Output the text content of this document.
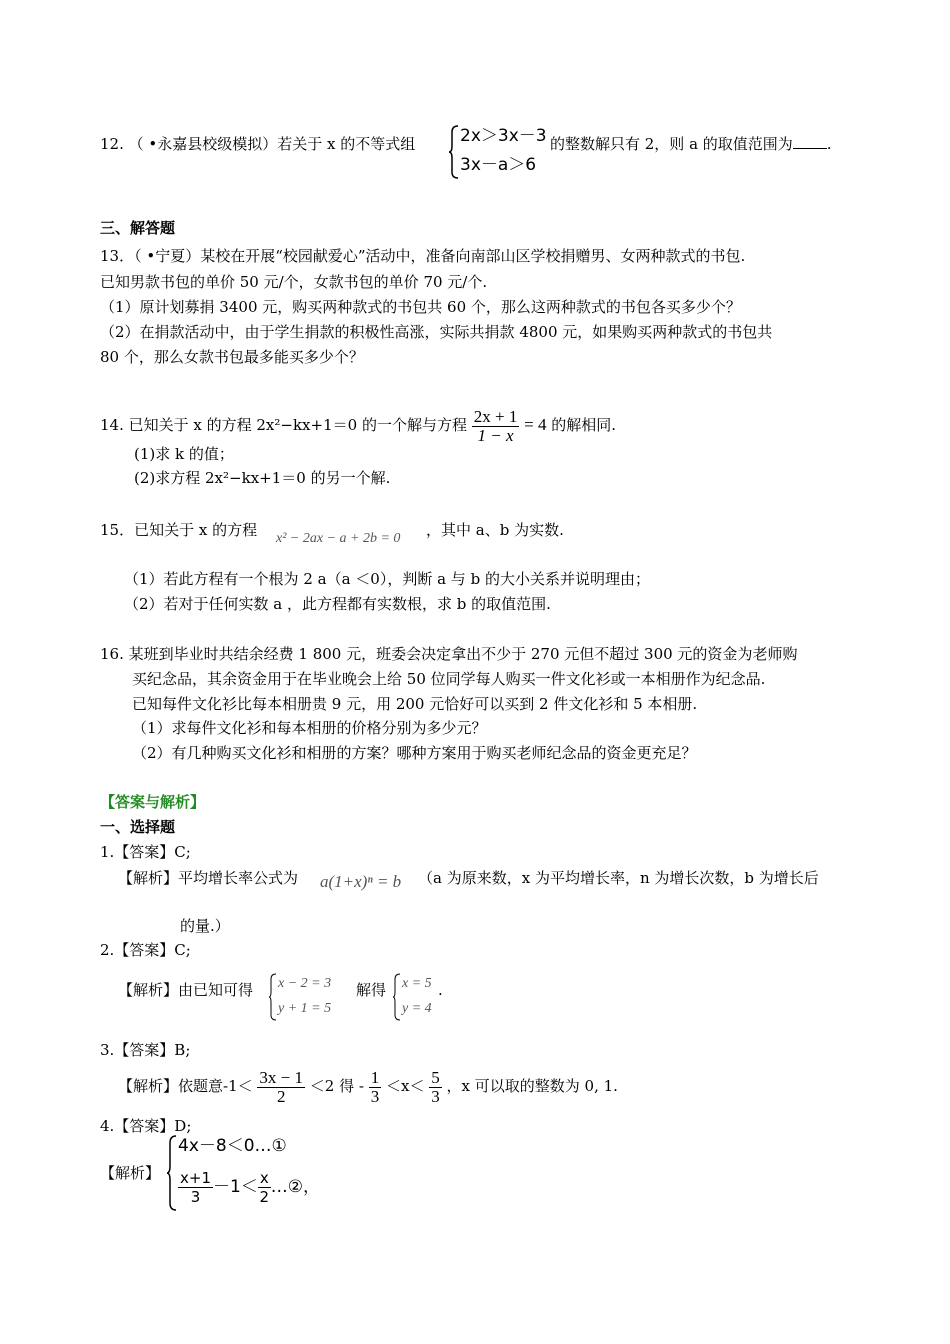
12. （ •永嘉县校级模拟）若关于 x 的不等式组	2x＞3x－3
3x－a＞6
的整数解只有 2，则 a 的取值范围为 .
三、解答题
13．（ •宁夏）某校在开展“校园献爱心”活动中，准备向南部山区学校捐赠男、女两种款式的书包.
已知男款书包的单价 50 元/个，女款书包的单价 70 元/个.
（1）原计划募捐 3400 元，购买两种款式的书包共 60 个，那么这两种款式的书包各买多少个？
（2）在捐款活动中，由于学生捐款的积极性高涨，实际共捐款 4800 元，如果购买两种款式的书包共
80 个，那么女款书包最多能买多少个？
14. 已知关于 x 的方程 2x²−kx+1＝0 的一个解与方程 $\frac{2x + 1}{1 - x} = 4$ 的解相同.
(1)求 k 的值；
(2)求方程 2x²−kx+1＝0 的另一个解.
15．已知关于 x 的方程 x² − 2ax − a + 2b = 0 ，其中 a、b 为实数.
（1）若此方程有一个根为 2 a（a ＜0），判断 a 与 b 的大小关系并说明理由；
（2）若对于任何实数 a ，此方程都有实数根，求 b 的取值范围.
16. 某班到毕业时共结余经费 1 800 元，班委会决定拿出不少于 270 元但不超过 300 元的资金为老师购
买纪念品，其余资金用于在毕业晚会上给 50 位同学每人购买一件文化衫或一本相册作为纪念品.
已知每件文化衫比每本相册贵 9 元，用 200 元恰好可以买到 2 件文化衫和 5 本相册.
（1）求每件文化衫和每本相册的价格分别为多少元？
（2）有几种购买文化衫和相册的方案？哪种方案用于购买老师纪念品的资金更充足？
【答案与解析】
一、选择题
1.【答案】C;
【解析】平均增长率公式为 a(1+x)ⁿ = b （a 为原来数，x 为平均增长率，n 为增长次数，b 为增长后
的量.）
2.【答案】C;
【解析】由已知可得 x − 2 = 3
y + 1 = 5
解得 x = 5
y = 4
.
3.【答案】B;
【解析】依题意$-1< \frac{3x - 1}{2} <2$ 得 - $\frac{1}{3} <x< \frac{5}{3}$ ，x 可以取的整数为 0, 1.
4.【答案】D;
【解析】
4x－8＜0…①
$\frac{x+1}{3} -1< \frac{x}{2}$ …②，
